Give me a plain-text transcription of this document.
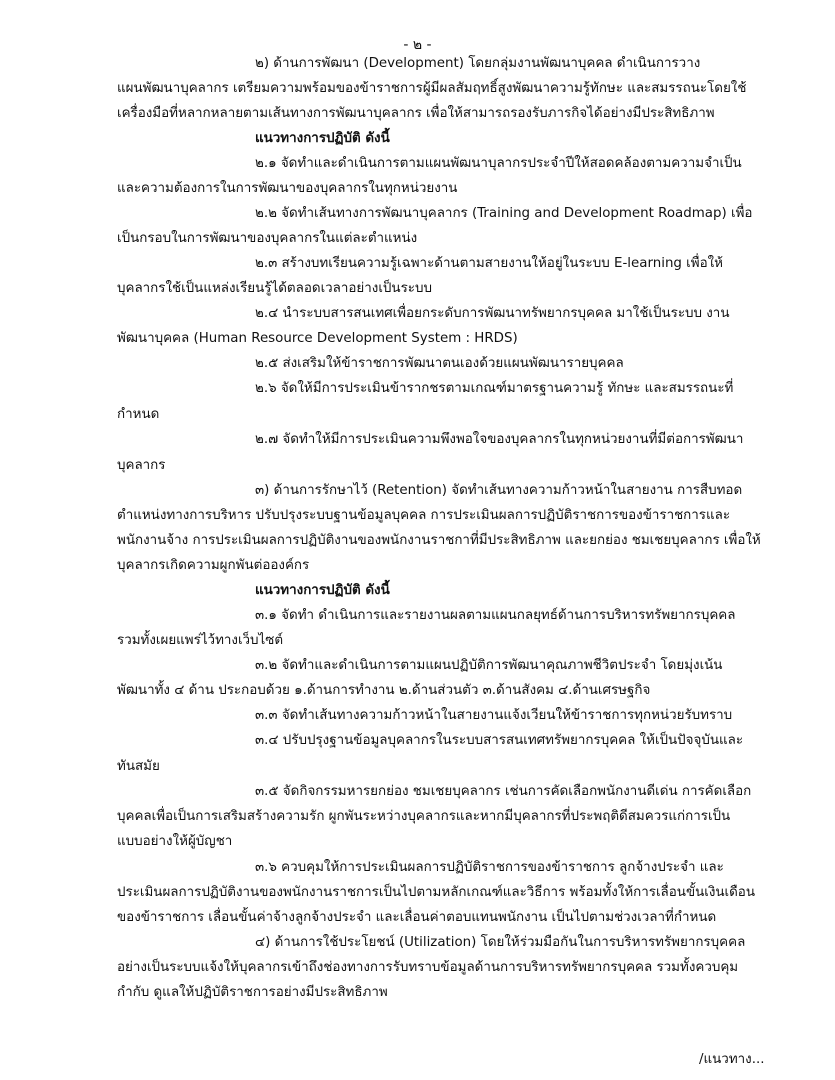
- ๒ -
๒) ด้านการพัฒนา (Development) โดยกลุ่มงานพัฒนาบุคคล ดำเนินการวาง
แผนพัฒนาบุคลากร เตรียมความพร้อมของข้าราชการผู้มีผลสัมฤทธิ์สูงพัฒนาความรู้ทักษะ และสมรรถนะโดยใช้
เครื่องมือที่หลากหลายตามเส้นทางการพัฒนาบุคลากร เพื่อให้สามารถรองรับภารกิจได้อย่างมีประสิทธิภาพ
แนวทางการปฏิบัติ ดังนี้
๒.๑ จัดทำและดำเนินการตามแผนพัฒนาบุลากรประจำปีให้สอดคล้องตามความจำเป็น
และความต้องการในการพัฒนาของบุคลากรในทุกหน่วยงาน
๒.๒ จัดทำเส้นทางการพัฒนาบุคลากร (Training and Development Roadmap) เพื่อ
เป็นกรอบในการพัฒนาของบุคลากรในแต่ละตำแหน่ง
๒.๓ สร้างบทเรียนความรู้เฉพาะด้านตามสายงานให้อยู่ในระบบ E-learning เพื่อให้
บุคลากรใช้เป็นแหล่งเรียนรู้ได้ตลอดเวลาอย่างเป็นระบบ
๒.๔ นำระบบสารสนเทศเพื่อยกระดับการพัฒนาทรัพยากรบุคคล มาใช้เป็นระบบ งาน
พัฒนาบุคคล (Human Resource Development System : HRDS)
๒.๕ ส่งเสริมให้ข้าราชการพัฒนาตนเองด้วยแผนพัฒนารายบุคคล
๒.๖ จัดให้มีการประเมินข้ารากชรตามเกณฑ์มาตรฐานความรู้ ทักษะ และสมรรถนะที่
กำหนด
๒.๗ จัดทำให้มีการประเมินความพึงพอใจของบุคลากรในทุกหน่วยงานที่มีต่อการพัฒนา
บุคลากร
๓) ด้านการรักษาไว้ (Retention) จัดทำเส้นทางความก้าวหน้าในสายงาน การสืบทอด
ตำแหน่งทางการบริหาร ปรับปรุงระบบฐานข้อมูลบุคคล การประเมินผลการปฏิบัติราชการของข้าราชการและ
พนักงานจ้าง การประเมินผลการปฏิบัติงานของพนักงานราชกาที่มีประสิทธิภาพ และยกย่อง ชมเชยบุคลากร เพื่อให้
บุคลากรเกิดความผูกพันต่อองค์กร
แนวทางการปฏิบัติ ดังนี้
๓.๑ จัดทำ ดำเนินการและรายงานผลตามแผนกลยุทธ์ด้านการบริหารทรัพยากรบุคคล
รวมทั้งเผยแพร่ไว้ทางเว็บไซต์
๓.๒ จัดทำและดำเนินการตามแผนปฏิบัติการพัฒนาคุณภาพชีวิตประจำ โดยมุ่งเน้น
พัฒนาทั้ง ๔ ด้าน ประกอบด้วย ๑.ด้านการทำงาน ๒.ด้านส่วนตัว ๓.ด้านสังคม ๔.ด้านเศรษฐกิจ
๓.๓ จัดทำเส้นทางความก้าวหน้าในสายงานแจ้งเวียนให้ข้าราชการทุกหน่วยรับทราบ
๓.๔ ปรับปรุงฐานข้อมูลบุคลากรในระบบสารสนเทศทรัพยากรบุคคล ให้เป็นปัจจุบันและ
ทันสมัย
๓.๕ จัดกิจกรรมหารยกย่อง ชมเชยบุคลากร เช่นการคัดเลือกพนักงานดีเด่น การคัดเลือก
บุคคลเพื่อเป็นการเสริมสร้างความรัก ผูกพันระหว่างบุคลากรและหากมีบุคลากรที่ประพฤติดีสมควรแก่การเป็น
แบบอย่างให้ผู้บัญชา
๓.๖ ควบคุมให้การประเมินผลการปฏิบัติราชการของข้าราชการ ลูกจ้างประจำ และ
ประเมินผลการปฏิบัติงานของพนักงานราชการเป็นไปตามหลักเกณฑ์และวิธีการ พร้อมทั้งให้การเลื่อนขั้นเงินเดือน
ของข้าราชการ เลื่อนขั้นค่าจ้างลูกจ้างประจำ และเลื่อนค่าตอบแทนพนักงาน เป็นไปตามช่วงเวลาที่กำหนด
๔) ด้านการใช้ประโยชน์ (Utilization) โดยให้ร่วมมือกันในการบริหารทรัพยากรบุคคล
อย่างเป็นระบบแจ้งให้บุคลากรเข้าถึงช่องทางการรับทราบข้อมูลด้านการบริหารทรัพยากรบุคคล รวมทั้งควบคุม
กำกับ ดูแลให้ปฏิบัติราชการอย่างมีประสิทธิภาพ
/แนวทาง...
